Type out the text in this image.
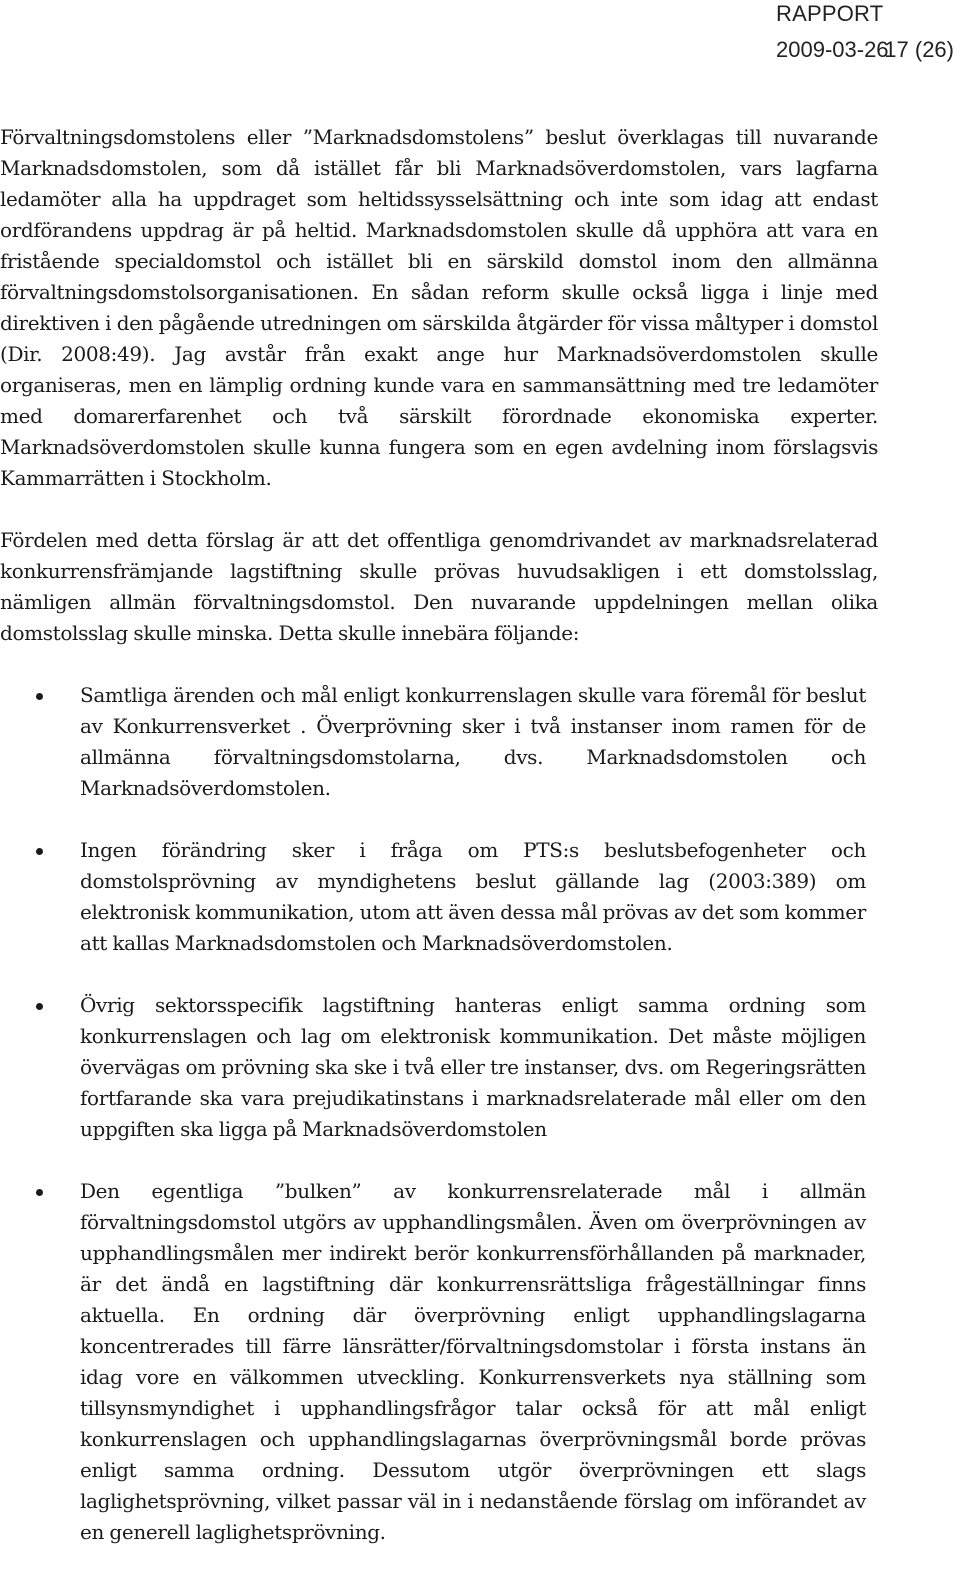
RAPPORT
2009-03-26
17 (26)

Förvaltningsdomstolens eller ”Marknadsdomstolens” beslut överklagas till nuvarande Marknadsdomstolen, som då istället får bli Marknadsöverdomstolen, vars lagfarna ledamöter alla ha uppdraget som heltidssysselsättning och inte som idag att endast ordförandens uppdrag är på heltid. Marknadsdomstolen skulle då upphöra att vara en fristående specialdomstol och istället bli en särskild domstol inom den allmänna förvaltningsdomstolsorganisationen. En sådan reform skulle också ligga i linje med direktiven i den pågående utredningen om särskilda åtgärder för vissa måltyper i domstol (Dir. 2008:49). Jag avstår från exakt ange hur Marknadsöverdomstolen skulle organiseras, men en lämplig ordning kunde vara en sammansättning med tre ledamöter med domarerfarenhet och två särskilt förordnade ekonomiska experter. Marknadsöverdomstolen skulle kunna fungera som en egen avdelning inom förslagsvis Kammarrätten i Stockholm.

Fördelen med detta förslag är att det offentliga genomdrivandet av marknadsrelaterad konkurrensfrämjande lagstiftning skulle prövas huvudsakligen i ett domstolsslag, nämligen allmän förvaltningsdomstol. Den nuvarande uppdelningen mellan olika domstolsslag skulle minska. Detta skulle innebära följande:

Samtliga ärenden och mål enligt konkurrenslagen skulle vara föremål för beslut av Konkurrensverket . Överprövning sker i två instanser inom ramen för de allmänna förvaltningsdomstolarna, dvs. Marknadsdomstolen och Marknadsöverdomstolen.
Ingen förändring sker i fråga om PTS:s beslutsbefogenheter och domstolsprövning av myndighetens beslut gällande lag (2003:389) om elektronisk kommunikation, utom att även dessa mål prövas av det som kommer att kallas Marknadsdomstolen och Marknadsöverdomstolen.
Övrig sektorsspecifik lagstiftning hanteras enligt samma ordning som konkurrenslagen och lag om elektronisk kommunikation. Det måste möjligen övervägas om prövning ska ske i två eller tre instanser, dvs. om Regeringsrätten fortfarande ska vara prejudikatinstans i marknadsrelaterade mål eller om den uppgiften ska ligga på Marknadsöverdomstolen
Den egentliga ”bulken” av konkurrensrelaterade mål i allmän förvaltningsdomstol utgörs av upphandlingsmålen. Även om överprövningen av upphandlingsmålen mer indirekt berör konkurrensförhållanden på marknader, är det ändå en lagstiftning där konkurrensrättsliga frågeställningar finns aktuella. En ordning där överprövning enligt upphandlingslagarna koncentrerades till färre länsrätter/förvaltningsdomstolar i första instans än idag vore en välkommen utveckling. Konkurrensverkets nya ställning som tillsynsmyndighet i upphandlingsfrågor talar också för att mål enligt konkurrenslagen och upphandlingslagarnas överprövningsmål borde prövas enligt samma ordning. Dessutom utgör överprövningen ett slags laglighetsprövning, vilket passar väl in i nedanstående förslag om införandet av en generell laglighetsprövning.
